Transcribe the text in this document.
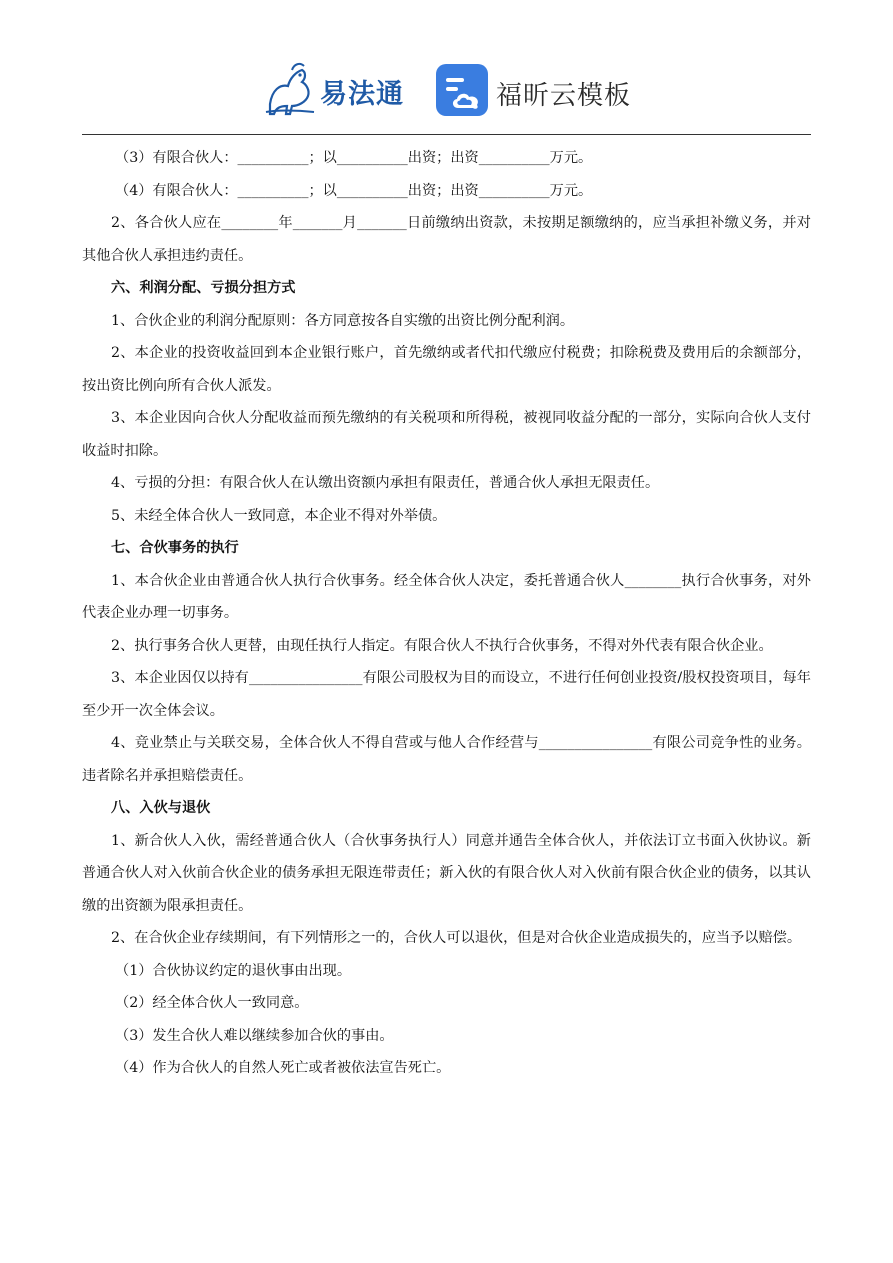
易法通	福昕云模板

（3）有限合伙人：__________；以__________出资；出资__________万元。

（4）有限合伙人：__________；以__________出资；出资__________万元。

2、各合伙人应在________年_______月_______日前缴纳出资款，未按期足额缴纳的，应当承担补缴义务，并对其他合伙人承担违约责任。

六、利润分配、亏损分担方式

1、合伙企业的利润分配原则：各方同意按各自实缴的出资比例分配利润。

2、本企业的投资收益回到本企业银行账户，首先缴纳或者代扣代缴应付税费；扣除税费及费用后的余额部分，按出资比例向所有合伙人派发。

3、本企业因向合伙人分配收益而预先缴纳的有关税项和所得税，被视同收益分配的一部分，实际向合伙人支付收益时扣除。

4、亏损的分担：有限合伙人在认缴出资额内承担有限责任，普通合伙人承担无限责任。

5、未经全体合伙人一致同意，本企业不得对外举债。

七、合伙事务的执行

1、本合伙企业由普通合伙人执行合伙事务。经全体合伙人决定，委托普通合伙人________执行合伙事务，对外代表企业办理一切事务。

2、执行事务合伙人更替，由现任执行人指定。有限合伙人不执行合伙事务，不得对外代表有限合伙企业。

3、本企业因仅以持有________________有限公司股权为目的而设立，不进行任何创业投资/股权投资项目，每年至少开一次全体会议。

4、竞业禁止与关联交易，全体合伙人不得自营或与他人合作经营与________________有限公司竞争性的业务。违者除名并承担赔偿责任。

八、入伙与退伙

1、新合伙人入伙，需经普通合伙人（合伙事务执行人）同意并通告全体合伙人，并依法订立书面入伙协议。新普通合伙人对入伙前合伙企业的债务承担无限连带责任；新入伙的有限合伙人对入伙前有限合伙企业的债务，以其认缴的出资额为限承担责任。

2、在合伙企业存续期间，有下列情形之一的，合伙人可以退伙，但是对合伙企业造成损失的，应当予以赔偿。

（1）合伙协议约定的退伙事由出现。

（2）经全体合伙人一致同意。

（3）发生合伙人难以继续参加合伙的事由。

（4）作为合伙人的自然人死亡或者被依法宣告死亡。
